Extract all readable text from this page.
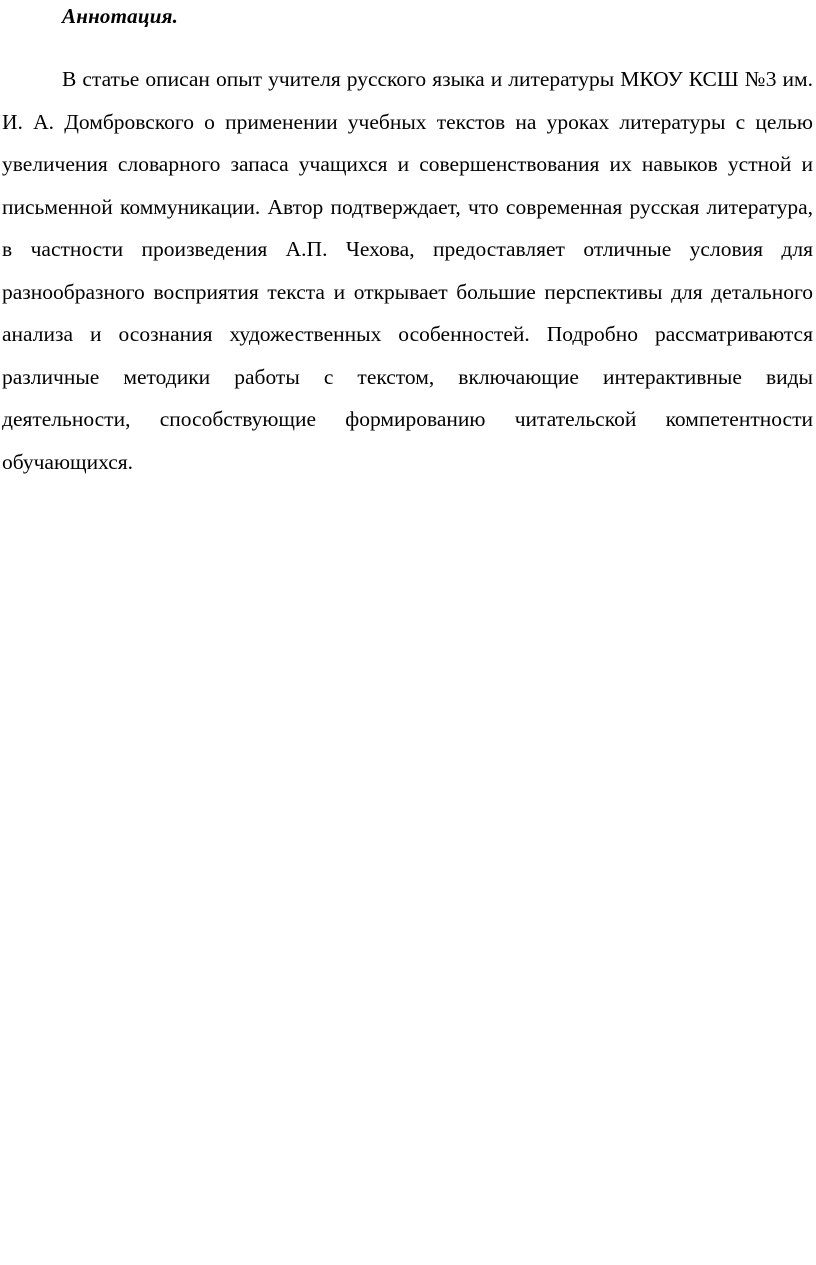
Аннотация.

В статье описан опыт учителя русского языка и литературы МКОУ КСШ №3 им. И. А. Домбровского о применении учебных текстов на уроках литературы с целью увеличения словарного запаса учащихся и совершенствования их навыков устной и письменной коммуникации. Автор подтверждает, что современная русская литература, в частности произведения А.П. Чехова, предоставляет отличные условия для разнообразного восприятия текста и открывает большие перспективы для детального анализа и осознания художественных особенностей. Подробно рассматриваются различные методики работы с текстом, включающие интерактивные виды деятельности, способствующие формированию читательской компетентности обучающихся.
